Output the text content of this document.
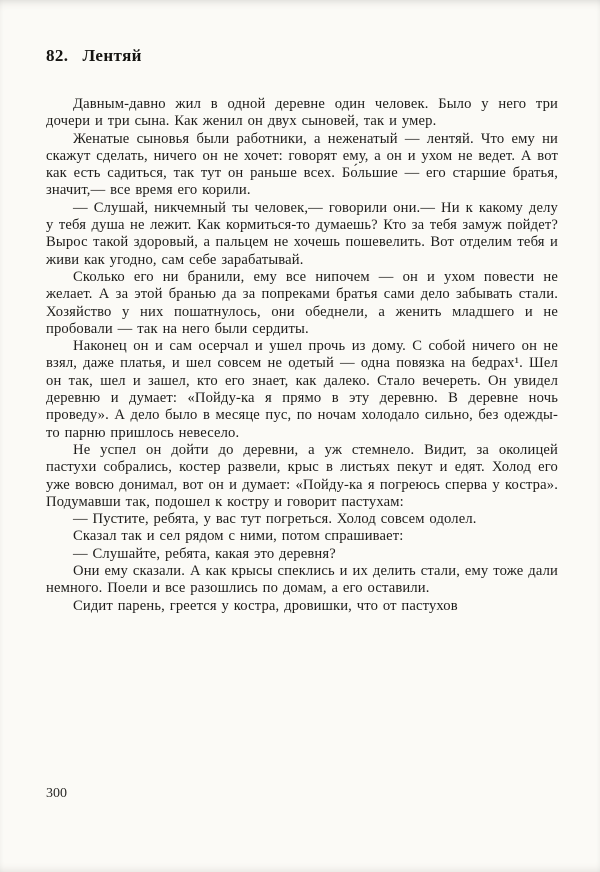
82. Лентяй

Давным-давно жил в одной деревне один человек. Было у него три дочери и три сына. Как женил он двух сыновей, так и умер.

Женатые сыновья были работники, а неженатый — лентяй. Что ему ни скажут сделать, ничего он не хочет: говорят ему, а он и ухом не ведет. А вот как есть садиться, так тут он раньше всех. Бо́льшие — его старшие братья, значит,— все время его корили.

— Слушай, никчемный ты человек,— говорили они.— Ни к какому делу у тебя душа не лежит. Как кормиться-то думаешь? Кто за тебя замуж пойдет? Вырос такой здоровый, а пальцем не хочешь пошевелить. Вот отделим тебя и живи как угодно, сам себе зарабатывай.

Сколько его ни бранили, ему все нипочем — он и ухом повести не желает. А за этой бранью да за попреками братья сами дело забывать стали. Хозяйство у них пошатнулось, они обеднели, а женить младшего и не пробовали — так на него были сердиты.

Наконец он и сам осерчал и ушел прочь из дому. С собой ничего он не взял, даже платья, и шел совсем не одетый — одна повязка на бедрах¹. Шел он так, шел и зашел, кто его знает, как далеко. Стало вечереть. Он увидел деревню и думает: «Пойду-ка я прямо в эту деревню. В деревне ночь проведу». А дело было в месяце пус, по ночам холодало сильно, без одежды-то парню пришлось невесело.

Не успел он дойти до деревни, а уж стемнело. Видит, за околицей пастухи собрались, костер развели, крыс в листьях пекут и едят. Холод его уже вовсю донимал, вот он и думает: «Пойду-ка я погреюсь сперва у костра». Подумавши так, подошел к костру и говорит пастухам:

— Пустите, ребята, у вас тут погреться. Холод совсем одолел.

Сказал так и сел рядом с ними, потом спрашивает:

— Слушайте, ребята, какая это деревня?

Они ему сказали. А как крысы спеклись и их делить стали, ему тоже дали немного. Поели и все разошлись по домам, а его оставили.

Сидит парень, греется у костра, дровишки, что от пастухов

300
